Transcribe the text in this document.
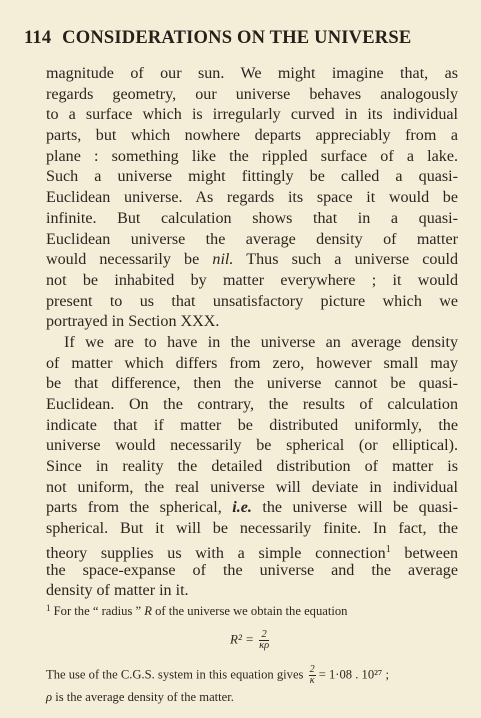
114 CONSIDERATIONS ON THE UNIVERSE
magnitude of our sun. We might imagine that, as
regards geometry, our universe behaves analogously
to a surface which is irregularly curved in its individual
parts, but which nowhere departs appreciably from a
plane : something like the rippled surface of a lake.
Such a universe might fittingly be called a quasi-
Euclidean universe. As regards its space it would be
infinite. But calculation shows that in a quasi-
Euclidean universe the average density of matter
would necessarily be nil. Thus such a universe could
not be inhabited by matter everywhere ; it would
present to us that unsatisfactory picture which we
portrayed in Section XXX.
If we are to have in the universe an average density
of matter which differs from zero, however small may
be that difference, then the universe cannot be quasi-
Euclidean. On the contrary, the results of calculation
indicate that if matter be distributed uniformly, the
universe would necessarily be spherical (or elliptical).
Since in reality the detailed distribution of matter is
not uniform, the real universe will deviate in individual
parts from the spherical, i.e. the universe will be quasi-
spherical. But it will be necessarily finite. In fact, the
theory supplies us with a simple connection$^1$ between
the space-expanse of the universe and the average
density of matter in it.
$^1$ For the “ radius ” R of the universe we obtain the equation
$R^2 = \frac{2}{\kappa\rho}$
The use of the C.G.S. system in this equation gives $\frac{2}{\kappa} = 1\cdot 08$ . 10²⁷ ;
ρ is the average density of the matter.
